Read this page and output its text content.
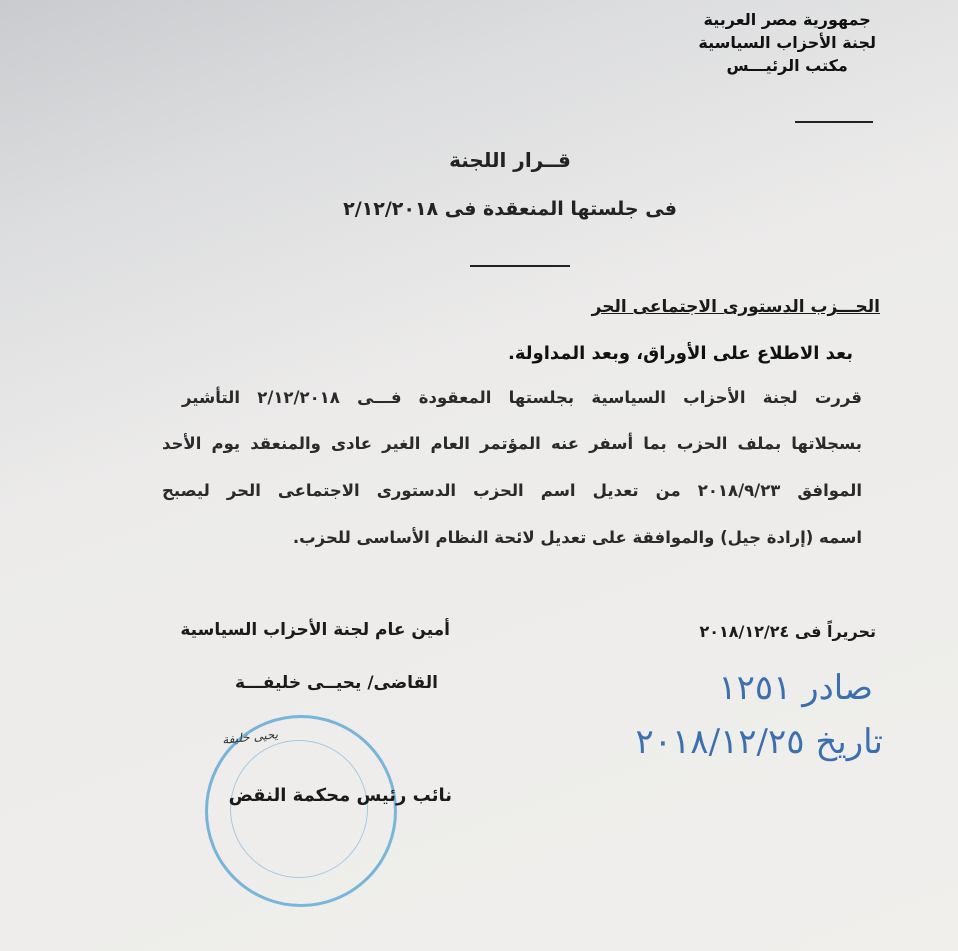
جمهورية مصر العربية
لجنة الأحزاب السياسية
مكتب الرئيـــس
قــرار اللجنة
فى جلستها المنعقدة فى ٢/١٢/٢٠١٨
الحـــزب الدستورى الاجتماعى الحر
بعد الاطلاع على الأوراق، وبعد المداولة.
قررت لجنة الأحزاب السياسية بجلستها المعقودة فـــى ٢/١٢/٢٠١٨ التأشير
بسجلاتها بملف الحزب بما أسفر عنه المؤتمر العام الغير عادى والمنعقد يوم الأحد
الموافق ٢٠١٨/٩/٢٣ من تعديل اسم الحزب الدستورى الاجتماعى الحر ليصبح
اسمه (إرادة جيل) والموافقة على تعديل لائحة النظام الأساسى للحزب.
تحريراً فى ٢٠١٨/١٢/٢٤
صادر ١٢٥١
تاريخ ٢٠١٨/١٢/٢٥
أمين عام لجنة الأحزاب السياسية
القاضى/ يحيــى خليفـــة
يحيى خليفة
نائب رئيس محكمة النقض
